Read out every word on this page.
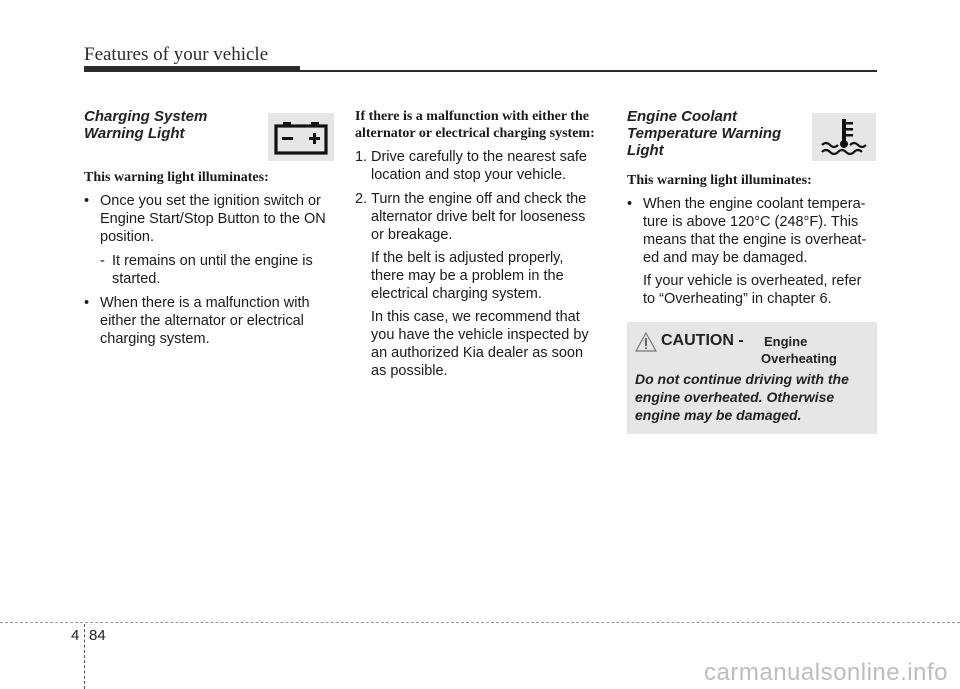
Features of your vehicle
Charging System
Warning Light

This warning light illuminates:

• Once you set the ignition switch or
Engine Start/Stop Button to the ON
position.
- It remains on until the engine is
started.
• When there is a malfunction with
either the alternator or electrical
charging system.
If there is a malfunction with either the
alternator or electrical charging system:
1. Drive carefully to the nearest safe
location and stop your vehicle.
2. Turn the engine off and check the
alternator drive belt for looseness
or breakage.
If the belt is adjusted properly,
there may be a problem in the
electrical charging system.
In this case, we recommend that
you have the vehicle inspected by
an authorized Kia dealer as soon
as possible.
Engine Coolant
Temperature Warning
Light

This warning light illuminates:

• When the engine coolant tempera-
ture is above 120°C (248°F). This
means that the engine is overheat-
ed and may be damaged.
If your vehicle is overheated, refer
to “Overheating” in chapter 6.
CAUTION - Engine
Overheating
Do not continue driving with the
engine overheated. Otherwise
engine may be damaged.
4 84
carmanualsonline.info
